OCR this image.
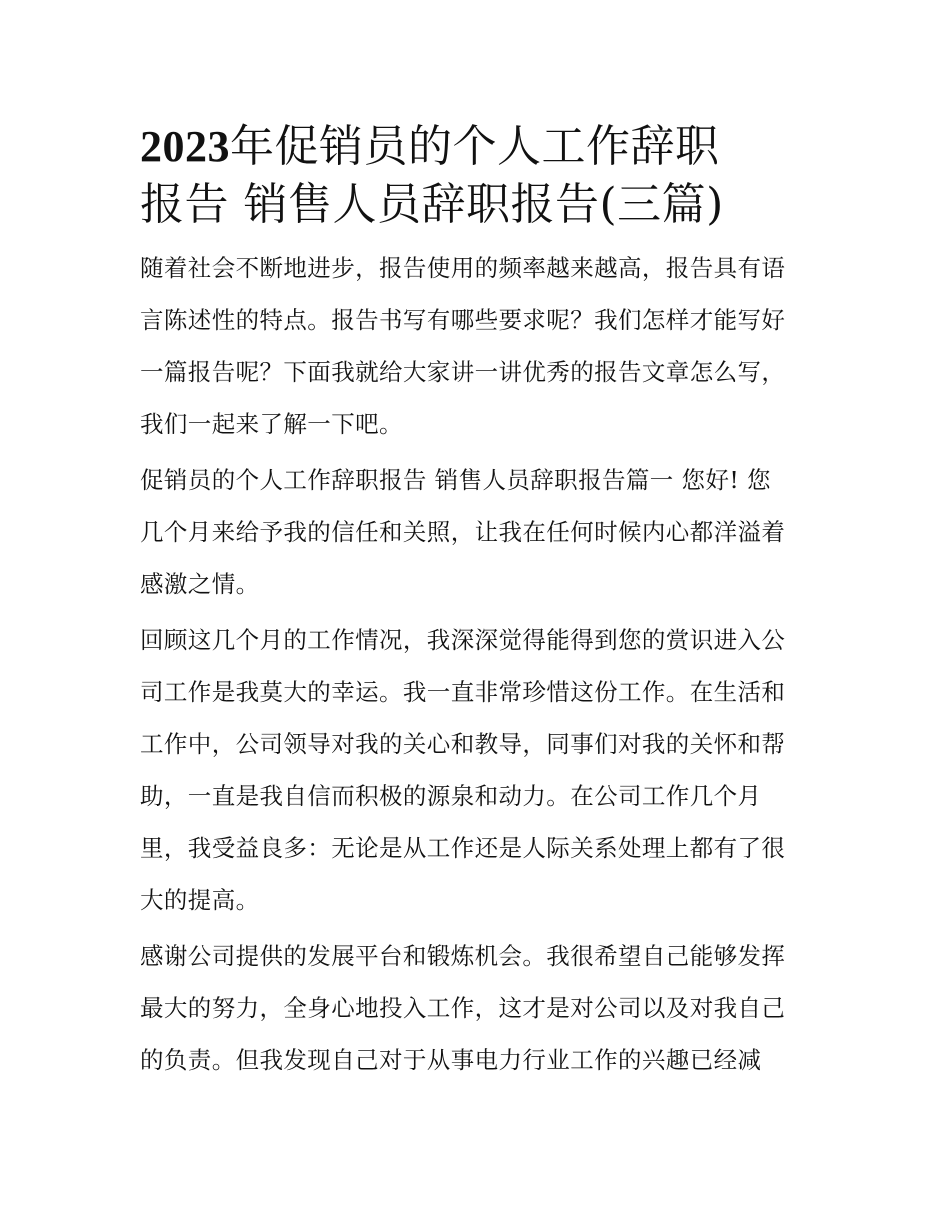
2023年促销员的个人工作辞职
报告 销售人员辞职报告(三篇)

随着社会不断地进步，报告使用的频率越来越高，报告具有语
言陈述性的特点。报告书写有哪些要求呢？我们怎样才能写好
一篇报告呢？下面我就给大家讲一讲优秀的报告文章怎么写，
我们一起来了解一下吧。

促销员的个人工作辞职报告 销售人员辞职报告篇一 您好! 您
几个月来给予我的信任和关照，让我在任何时候内心都洋溢着
感激之情。

回顾这几个月的工作情况，我深深觉得能得到您的赏识进入公
司工作是我莫大的幸运。我一直非常珍惜这份工作。在生活和
工作中，公司领导对我的关心和教导，同事们对我的关怀和帮
助，一直是我自信而积极的源泉和动力。在公司工作几个月
里，我受益良多：无论是从工作还是人际关系处理上都有了很
大的提高。

感谢公司提供的发展平台和锻炼机会。我很希望自己能够发挥
最大的努力，全身心地投入工作，这才是对公司以及对我自己
的负责。但我发现自己对于从事电力行业工作的兴趣已经减
